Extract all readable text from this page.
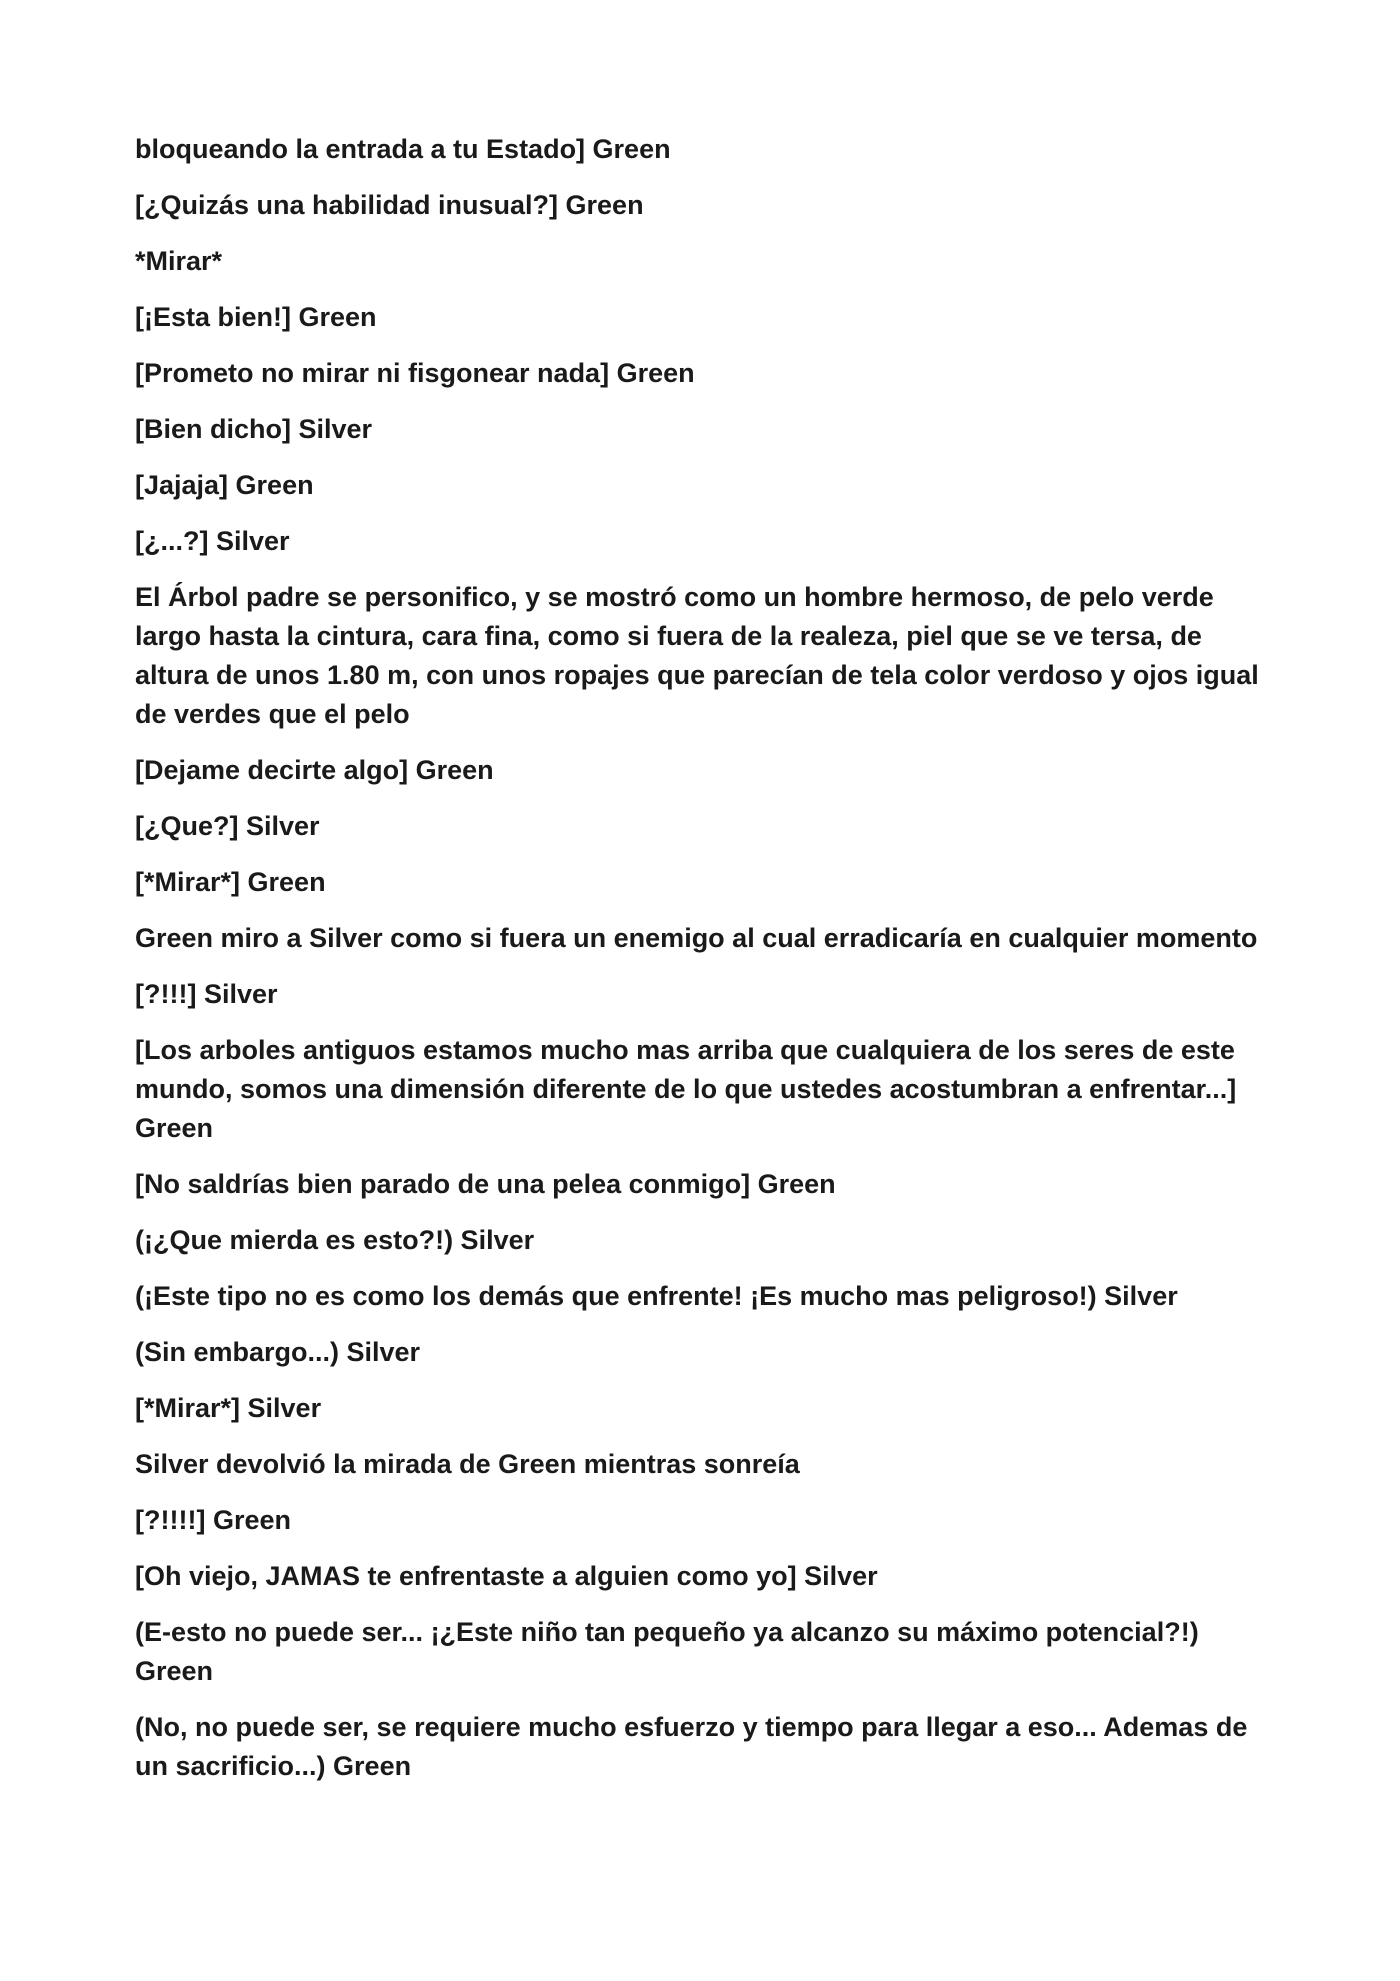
bloqueando la entrada a tu Estado] Green

[¿Quizás una habilidad inusual?] Green

*Mirar*

[¡Esta bien!] Green

[Prometo no mirar ni fisgonear nada] Green

[Bien dicho] Silver

[Jajaja] Green

[¿...?] Silver

El Árbol padre se personifico, y se mostró como un hombre hermoso, de pelo verde largo hasta la cintura, cara fina, como si fuera de la realeza, piel que se ve tersa, de altura de unos 1.80 m, con unos ropajes que parecían de tela color verdoso y ojos igual de verdes que el pelo

[Dejame decirte algo] Green

[¿Que?] Silver

[*Mirar*] Green

Green miro a Silver como si fuera un enemigo al cual erradicaría en cualquier momento

[?!!!] Silver

[Los arboles antiguos estamos mucho mas arriba que cualquiera de los seres de este mundo, somos una dimensión diferente de lo que ustedes acostumbran a enfrentar...] Green

[No saldrías bien parado de una pelea conmigo] Green

(¡¿Que mierda es esto?!) Silver

(¡Este tipo no es como los demás que enfrente! ¡Es mucho mas peligroso!) Silver

(Sin embargo...) Silver

[*Mirar*] Silver

Silver devolvió la mirada de Green mientras sonreía

[?!!!!] Green

[Oh viejo, JAMAS te enfrentaste a alguien como yo] Silver

(E-esto no puede ser... ¡¿Este niño tan pequeño ya alcanzo su máximo potencial?!) Green

(No, no puede ser, se requiere mucho esfuerzo y tiempo para llegar a eso... Ademas de un sacrificio...) Green
